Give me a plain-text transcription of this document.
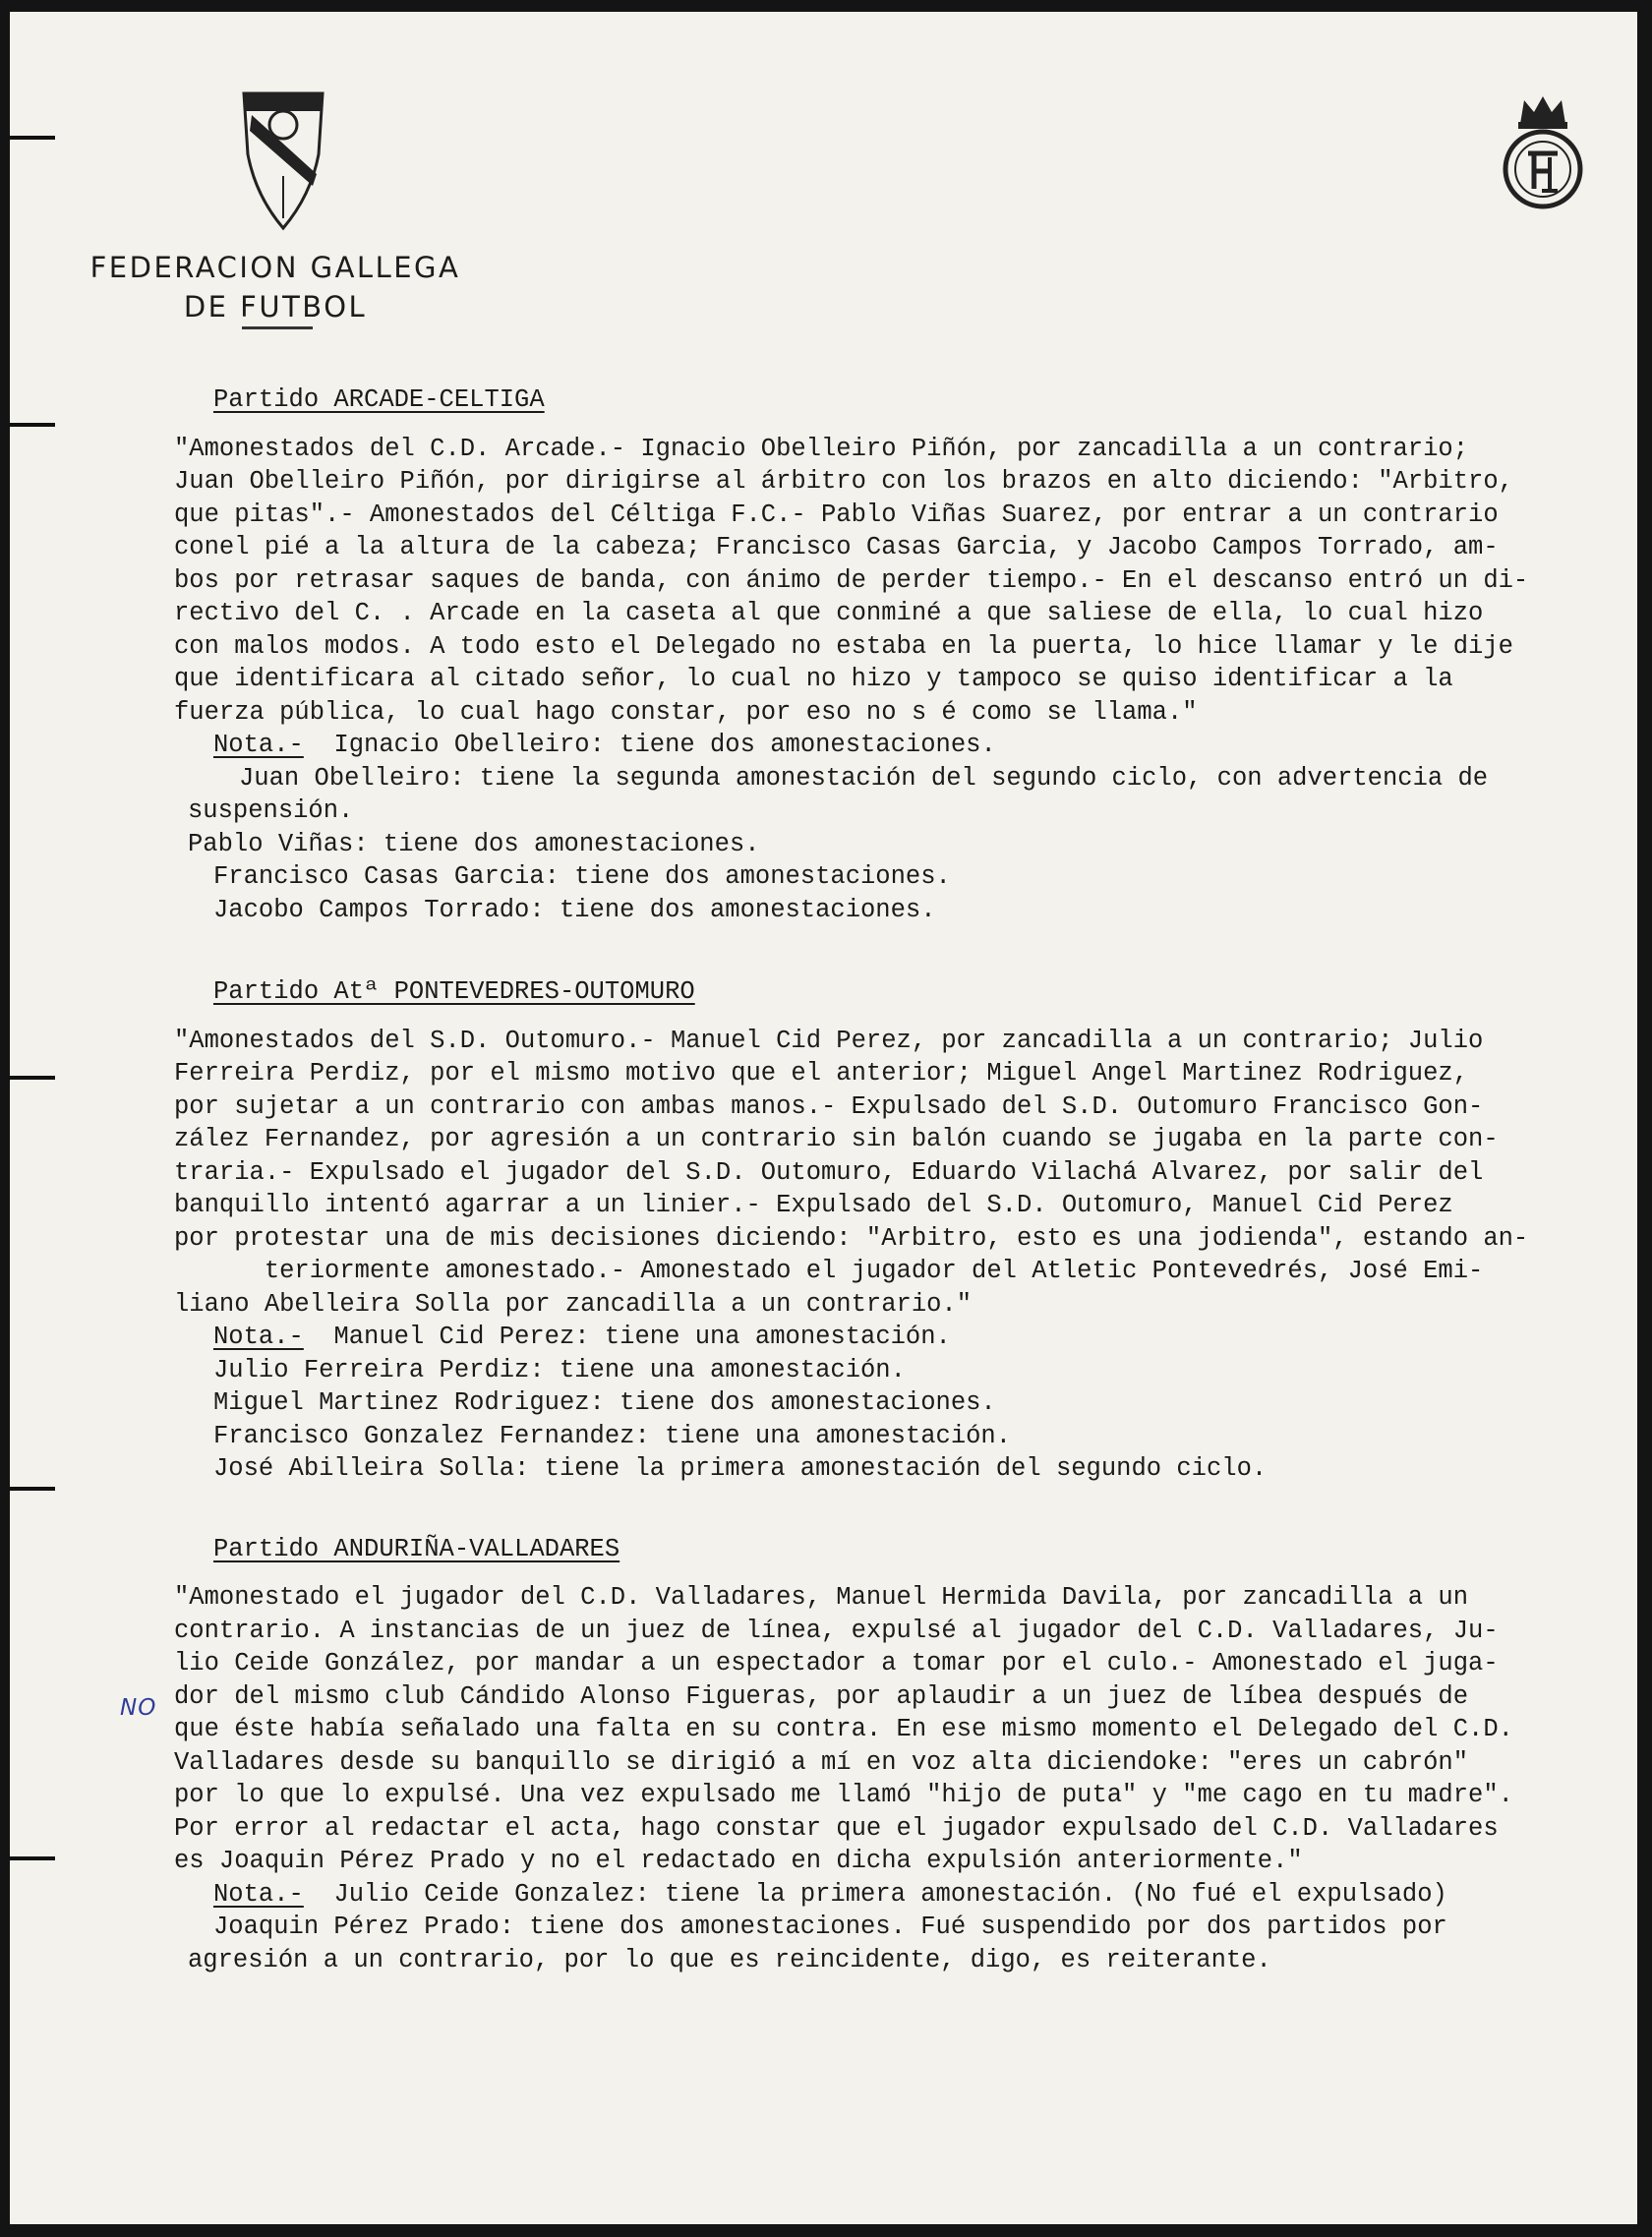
FEDERACION GALLEGA
DE FUTBOL
Partido ARCADE-CELTIGA
"Amonestados del C.D. Arcade.- Ignacio Obelleiro Piñón, por zancadilla a un contrario;
Juan Obelleiro Piñón, por dirigirse al árbitro con los brazos en alto diciendo: "Arbitro,
que pitas".- Amonestados del Céltiga F.C.- Pablo Viñas Suarez, por entrar a un contrario
conel pié a la altura de la cabeza; Francisco Casas Garcia, y Jacobo Campos Torrado, am-
bos por retrasar saques de banda, con ánimo de perder tiempo.- En el descanso entró un di-
rectivo del C. . Arcade en la caseta al que conminé a que saliese de ella, lo cual hizo
con malos modos. A todo esto el Delegado no estaba en la puerta, lo hice llamar y le dije
que identificara al citado señor, lo cual no hizo y tampoco se quiso identificar a la
fuerza pública, lo cual hago constar, por eso no s é como se llama."
Nota.- Ignacio Obelleiro: tiene dos amonestaciones.
Juan Obelleiro: tiene la segunda amonestación del segundo ciclo, con advertencia de
suspensión.
Pablo Viñas: tiene dos amonestaciones.
Francisco Casas Garcia: tiene dos amonestaciones.
Jacobo Campos Torrado: tiene dos amonestaciones.
Partido Atª PONTEVEDRES-OUTOMURO
"Amonestados del S.D. Outomuro.- Manuel Cid Perez, por zancadilla a un contrario; Julio
Ferreira Perdiz, por el mismo motivo que el anterior; Miguel Angel Martinez Rodriguez,
por sujetar a un contrario con ambas manos.- Expulsado del S.D. Outomuro Francisco Gon-
zález Fernandez, por agresión a un contrario sin balón cuando se jugaba en la parte con-
traria.- Expulsado el jugador del S.D. Outomuro, Eduardo Vilachá Alvarez, por salir del
banquillo intentó agarrar a un linier.- Expulsado del S.D. Outomuro, Manuel Cid Perez
por protestar una de mis decisiones diciendo: "Arbitro, esto es una jodienda", estando an-
teriormente amonestado.- Amonestado el jugador del Atletic Pontevedrés, José Emi-
liano Abelleira Solla por zancadilla a un contrario."
Nota.- Manuel Cid Perez: tiene una amonestación.
Julio Ferreira Perdiz: tiene una amonestación.
Miguel Martinez Rodriguez: tiene dos amonestaciones.
Francisco Gonzalez Fernandez: tiene una amonestación.
José Abilleira Solla: tiene la primera amonestación del segundo ciclo.
Partido ANDURIÑA-VALLADARES
"Amonestado el jugador del C.D. Valladares, Manuel Hermida Davila, por zancadilla a un
contrario. A instancias de un juez de línea, expulsé al jugador del C.D. Valladares, Ju-
lio Ceide González, por mandar a un espectador a tomar por el culo.- Amonestado el juga-
dor del mismo club Cándido Alonso Figueras, por aplaudir a un juez de líbea después de
que éste había señalado una falta en su contra. En ese mismo momento el Delegado del C.D.
Valladares desde su banquillo se dirigió a mí en voz alta diciendoke: "eres un cabrón"
por lo que lo expulsé. Una vez expulsado me llamó "hijo de puta" y "me cago en tu madre".
Por error al redactar el acta, hago constar que el jugador expulsado del C.D. Valladares
es Joaquin Pérez Prado y no el redactado en dicha expulsión anteriormente."
Nota.- Julio Ceide Gonzalez: tiene la primera amonestación. (No fué el expulsado)
Joaquin Pérez Prado: tiene dos amonestaciones. Fué suspendido por dos partidos por
agresión a un contrario, por lo que es reincidente, digo, es reiterante.
NO
